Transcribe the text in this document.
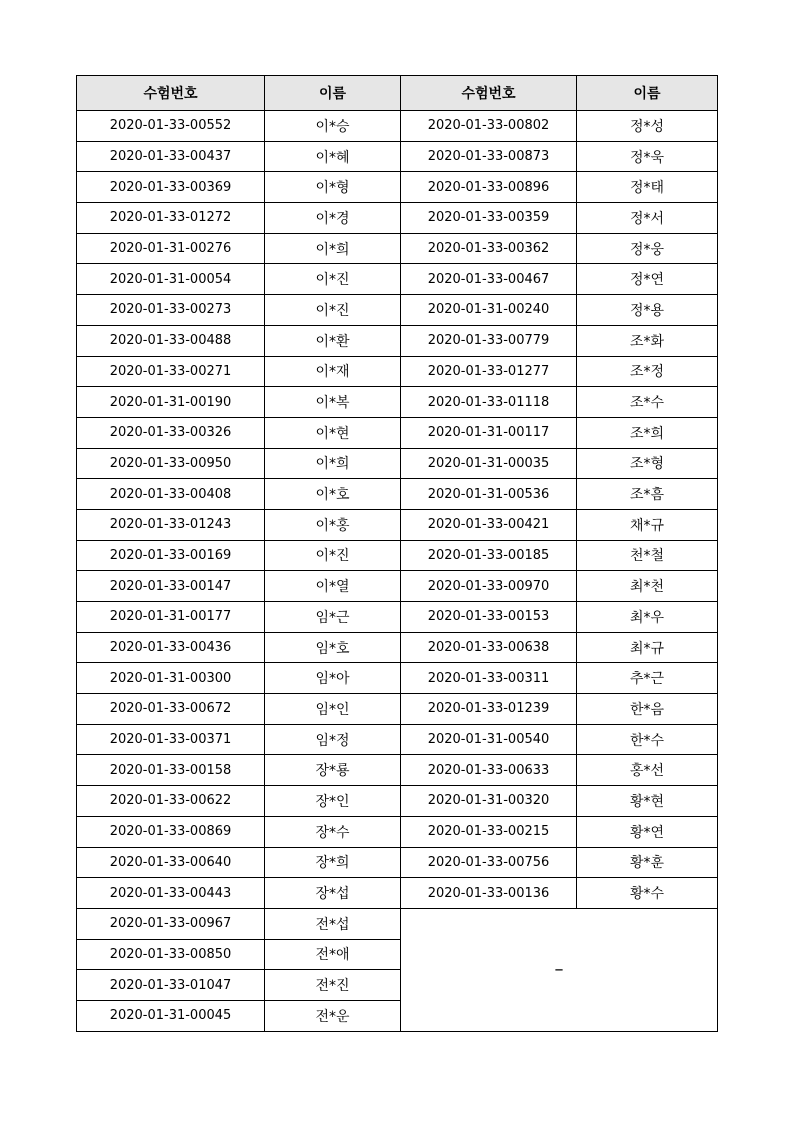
수험번호	이름	수험번호	이름
2020-01-33-00552	이*승	2020-01-33-00802	정*성
2020-01-33-00437	이*혜	2020-01-33-00873	정*욱
2020-01-33-00369	이*형	2020-01-33-00896	정*태
2020-01-33-01272	이*경	2020-01-33-00359	정*서
2020-01-31-00276	이*희	2020-01-33-00362	정*웅
2020-01-31-00054	이*진	2020-01-33-00467	정*연
2020-01-33-00273	이*진	2020-01-31-00240	정*용
2020-01-33-00488	이*환	2020-01-33-00779	조*화
2020-01-33-00271	이*재	2020-01-33-01277	조*정
2020-01-31-00190	이*복	2020-01-33-01118	조*수
2020-01-33-00326	이*현	2020-01-31-00117	조*희
2020-01-33-00950	이*희	2020-01-31-00035	조*형
2020-01-33-00408	이*호	2020-01-31-00536	조*흠
2020-01-33-01243	이*홍	2020-01-33-00421	채*규
2020-01-33-00169	이*진	2020-01-33-00185	천*철
2020-01-33-00147	이*열	2020-01-33-00970	최*천
2020-01-31-00177	임*근	2020-01-33-00153	최*우
2020-01-33-00436	임*호	2020-01-33-00638	최*규
2020-01-31-00300	임*아	2020-01-33-00311	추*근
2020-01-33-00672	임*인	2020-01-33-01239	한*음
2020-01-33-00371	임*정	2020-01-31-00540	한*수
2020-01-33-00158	장*룡	2020-01-33-00633	홍*선
2020-01-33-00622	장*인	2020-01-31-00320	황*현
2020-01-33-00869	장*수	2020-01-33-00215	황*연
2020-01-33-00640	장*희	2020-01-33-00756	황*훈
2020-01-33-00443	장*섭	2020-01-33-00136	황*수
2020-01-33-00967	전*섭	–	
2020-01-33-00850	전*애		
2020-01-33-01047	전*진		
2020-01-31-00045	전*운		
